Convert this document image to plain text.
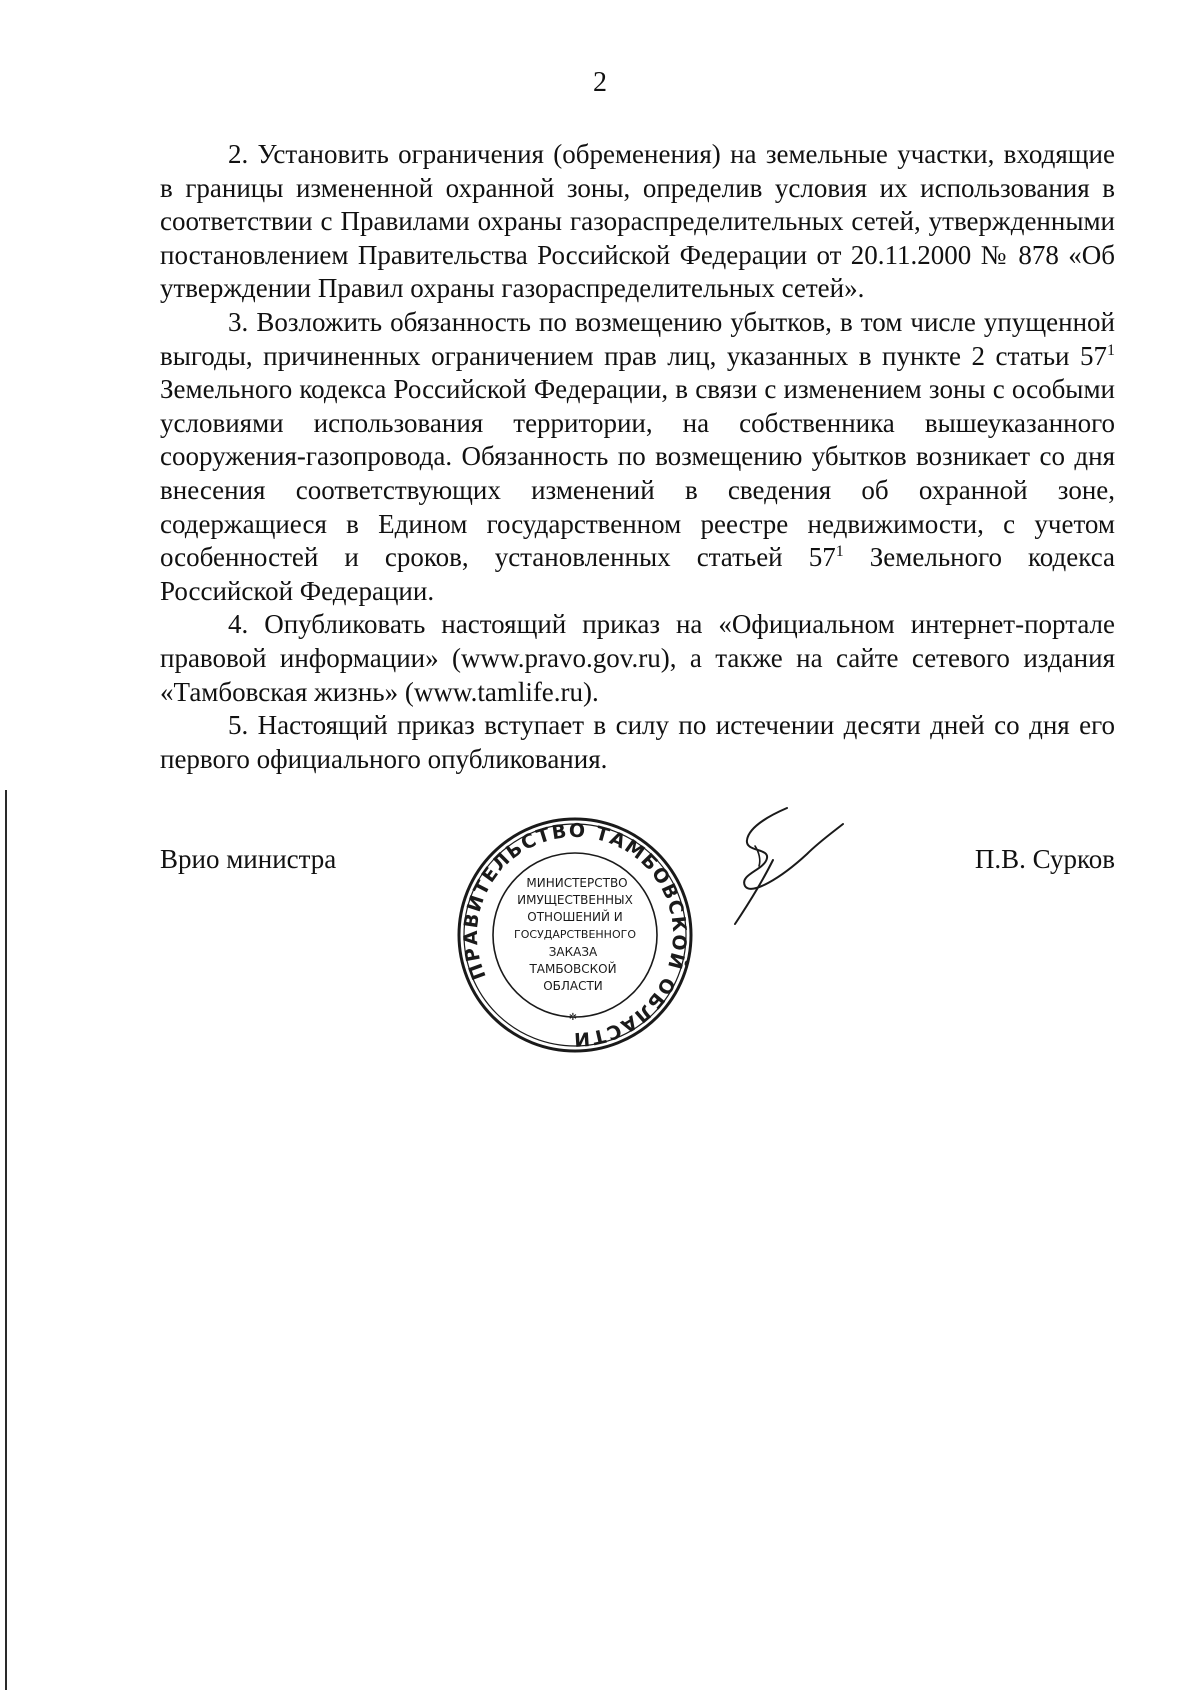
2

2. Установить ограничения (обременения) на земельные участки, входящие в границы измененной охранной зоны, определив условия их использования в соответствии с Правилами охраны газораспределительных сетей, утвержденными постановлением Правительства Российской Федерации от 20.11.2000 № 878 «Об утверждении Правил охраны газораспределительных сетей».

3. Возложить обязанность по возмещению убытков, в том числе упущенной выгоды, причиненных ограничением прав лиц, указанных в пункте 2 статьи $57^1$ Земельного кодекса Российской Федерации, в связи с изменением зоны с особыми условиями использования территории, на собственника вышеуказанного сооружения-газопровода. Обязанность по возмещению убытков возникает со дня внесения соответствующих изменений в сведения об охранной зоне, содержащиеся в Едином государственном реестре недвижимости, с учетом особенностей и сроков, установленных статьей $57^1$ Земельного кодекса Российской Федерации.

4. Опубликовать настоящий приказ на «Официальном интернет-портале правовой информации» (www.pravo.gov.ru), а также на сайте сетевого издания «Тамбовская жизнь» (www.tamlife.ru).

5. Настоящий приказ вступает в силу по истечении десяти дней со дня его первого официального опубликования.

Врио министра
ПРАВИТЕЛЬСТВО ТАМБОВСКОЙ ОБЛАСТИ
МИНИСТЕРСТВО
ИМУЩЕСТВЕННЫХ
ОТНОШЕНИЙ И
ГОСУДАРСТВЕННОГО
ЗАКАЗА
ТАМБОВСКОЙ
ОБЛАСТИ
✲
П.В. Сурков
